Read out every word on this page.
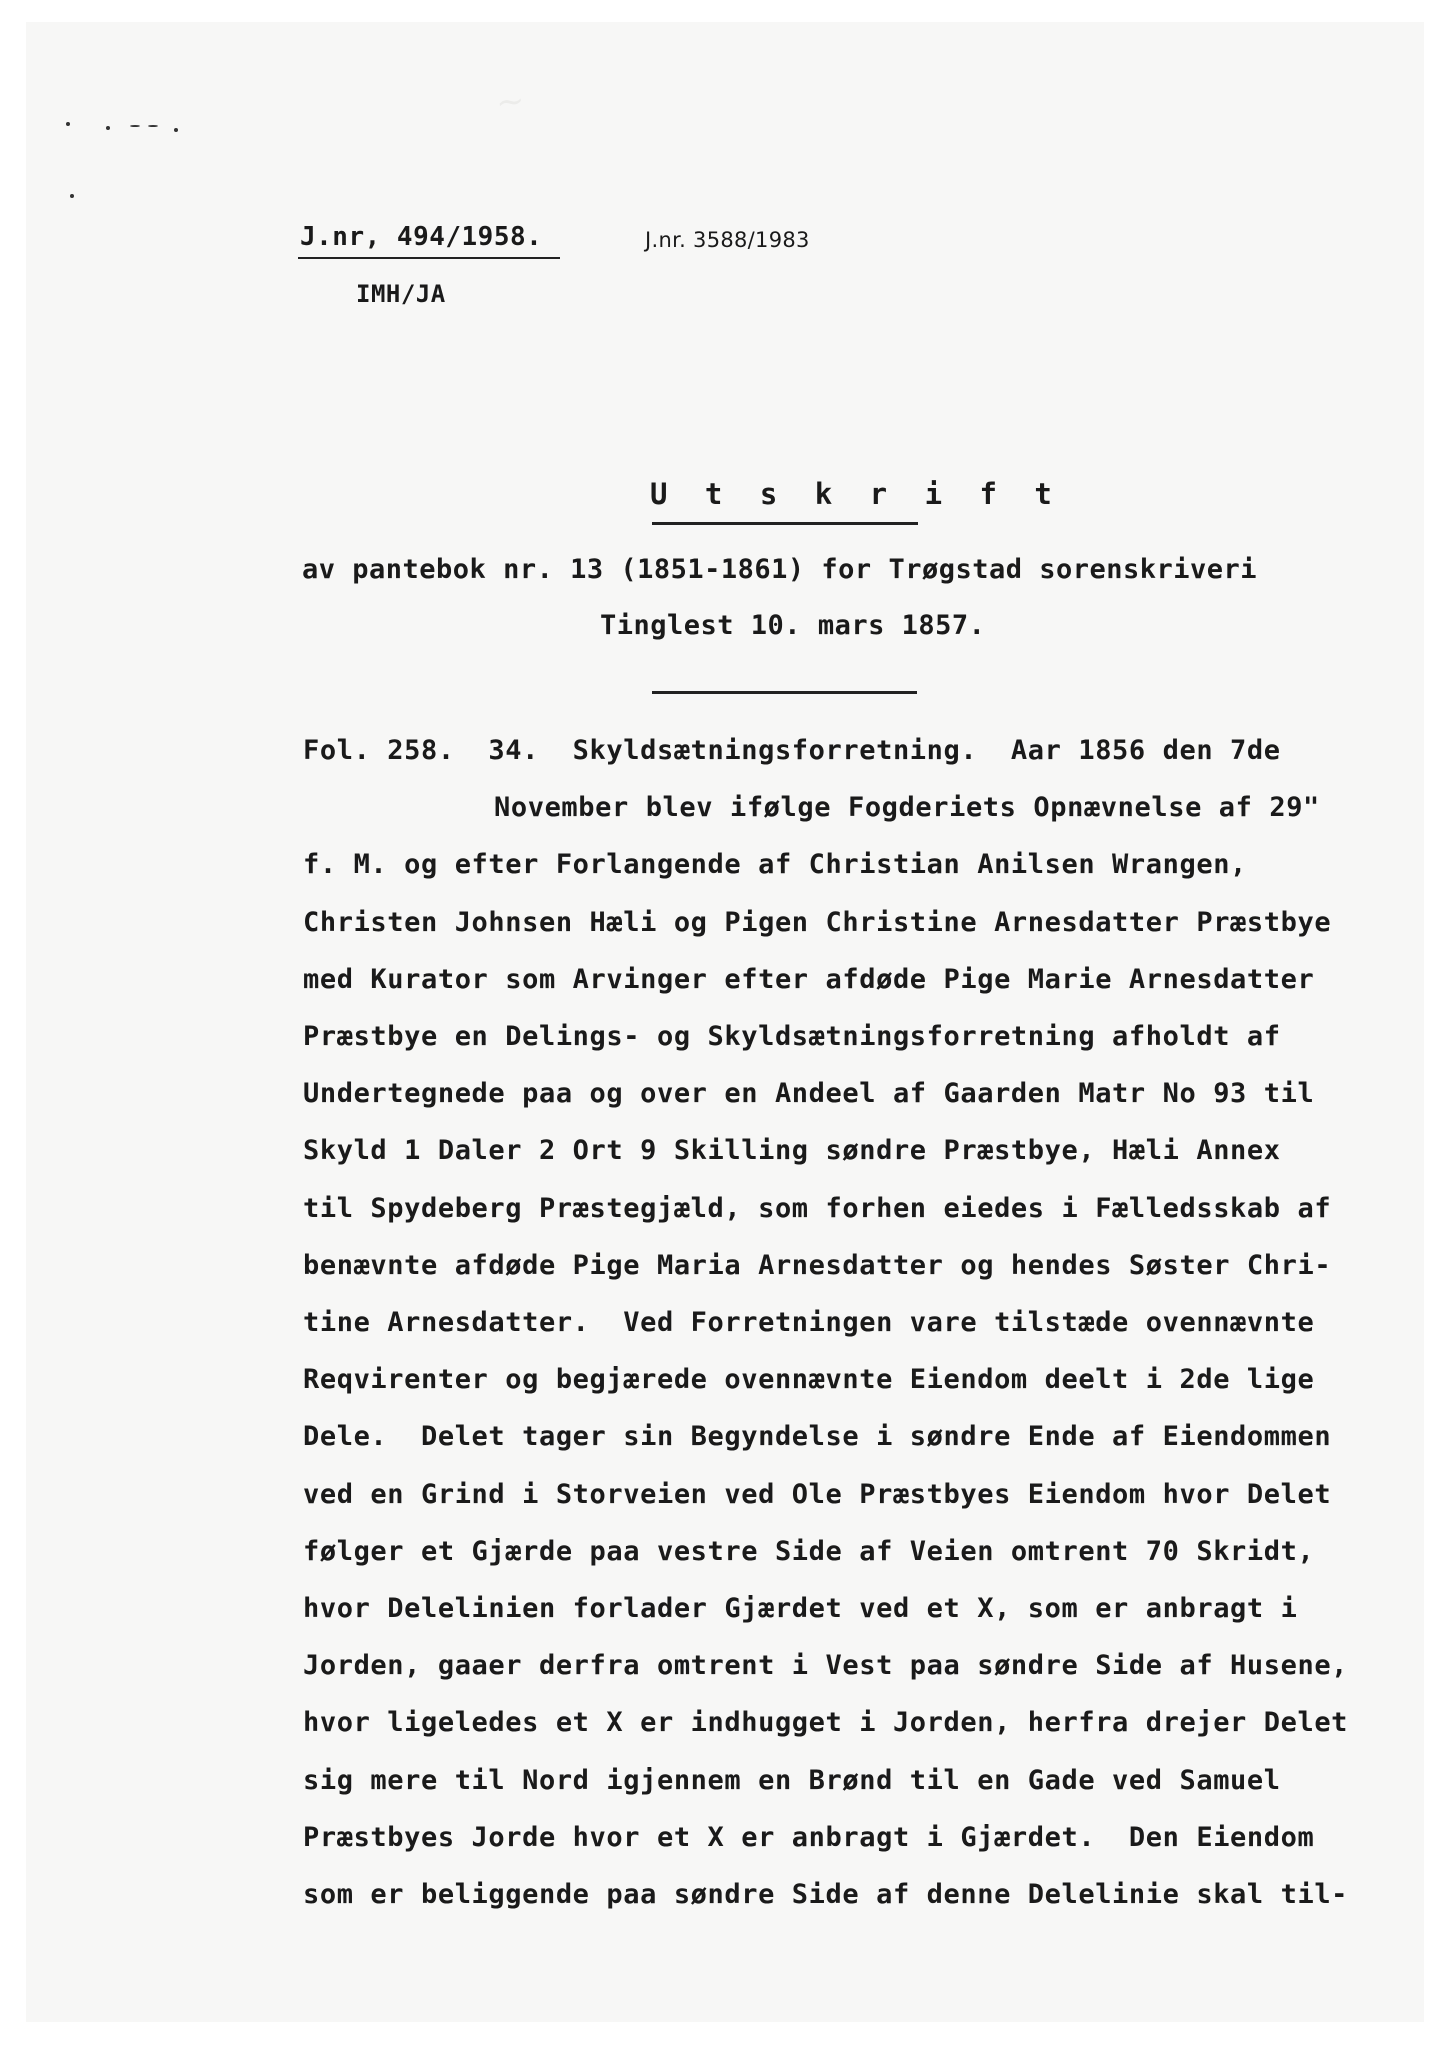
~
J.nr, 494/1958.	J.nr. 3588/1983
IMH/JA
U t s k r i f t
av pantebok nr. 13 (1851-1861) for Trøgstad sorenskriveri
Tinglest 10. mars 1857.
Fol. 258.  34.  Skyldsætningsforretning.  Aar 1856 den 7de
November blev ifølge Fogderiets Opnævnelse af 29"
f. M. og efter Forlangende af Christian Anilsen Wrangen,
Christen Johnsen Hæli og Pigen Christine Arnesdatter Præstbye
med Kurator som Arvinger efter afdøde Pige Marie Arnesdatter
Præstbye en Delings- og Skyldsætningsforretning afholdt af
Undertegnede paa og over en Andeel af Gaarden Matr No 93 til
Skyld 1 Daler 2 Ort 9 Skilling søndre Præstbye, Hæli Annex
til Spydeberg Præstegjæld, som forhen eiedes i Fælledsskab af
benævnte afdøde Pige Maria Arnesdatter og hendes Søster Chri-
tine Arnesdatter.  Ved Forretningen vare tilstæde ovennævnte
Reqvirenter og begjærede ovennævnte Eiendom deelt i 2de lige
Dele.  Delet tager sin Begyndelse i søndre Ende af Eiendommen
ved en Grind i Storveien ved Ole Præstbyes Eiendom hvor Delet
følger et Gjærde paa vestre Side af Veien omtrent 70 Skridt,
hvor Delelinien forlader Gjærdet ved et X, som er anbragt i
Jorden, gaaer derfra omtrent i Vest paa søndre Side af Husene,
hvor ligeledes et X er indhugget i Jorden, herfra drejer Delet
sig mere til Nord igjennem en Brønd til en Gade ved Samuel
Præstbyes Jorde hvor et X er anbragt i Gjærdet.  Den Eiendom
som er beliggende paa søndre Side af denne Delelinie skal til-
